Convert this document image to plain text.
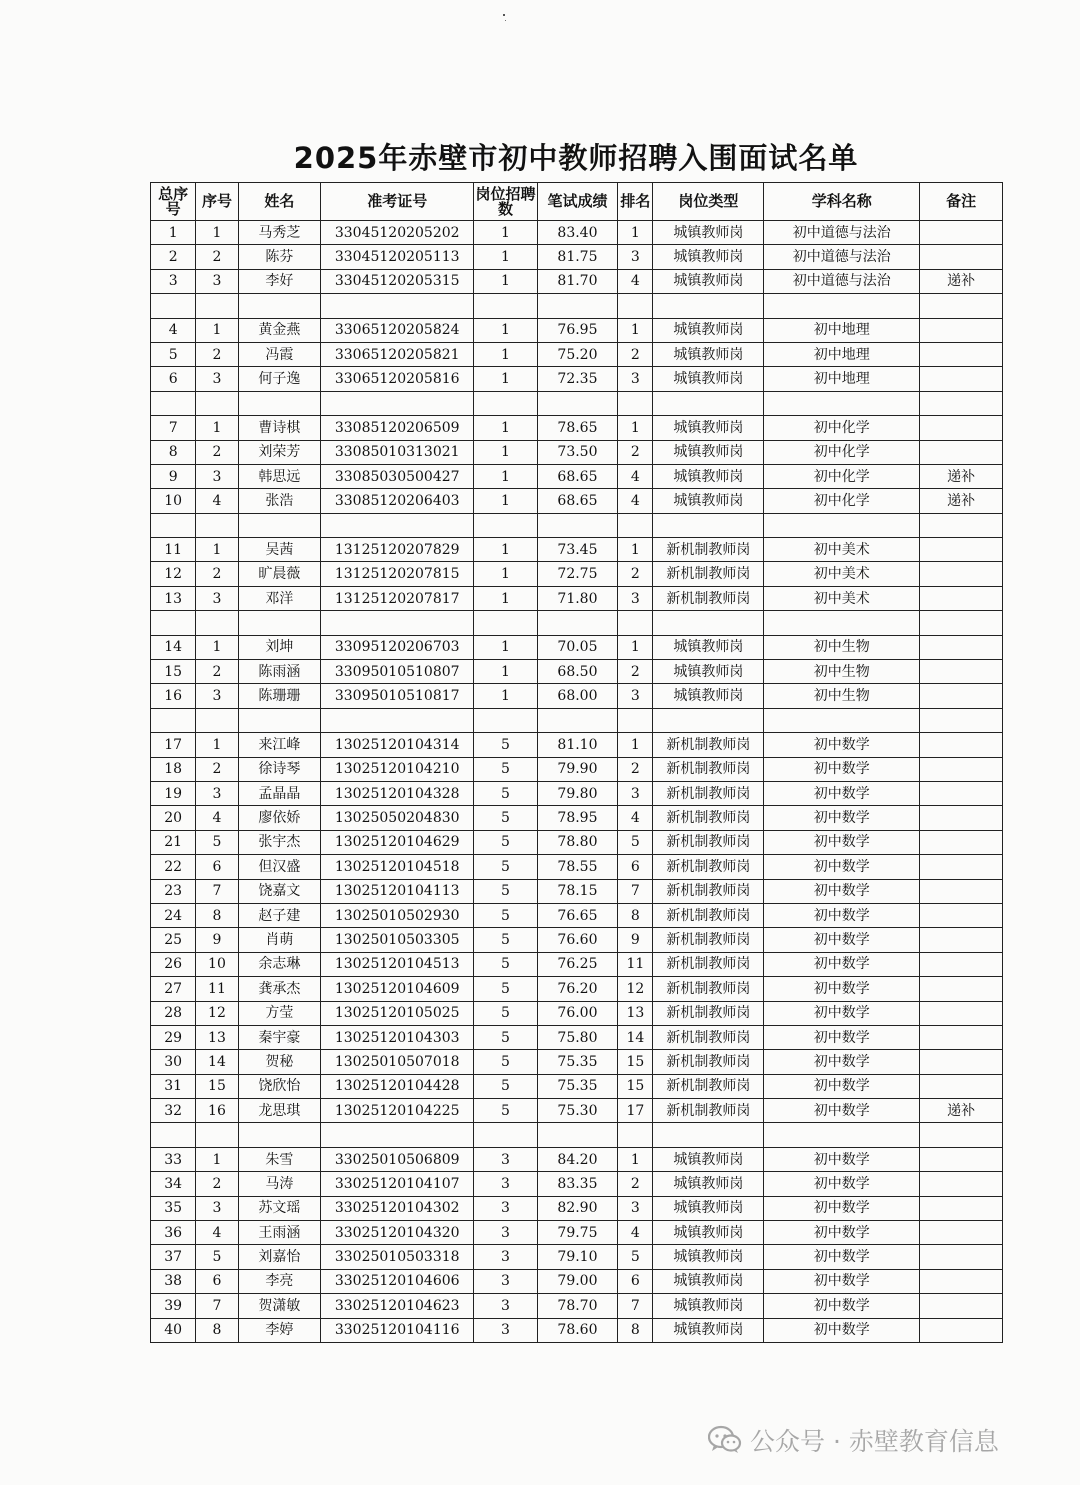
2025年赤壁市初中教师招聘入围面试名单
总序号	序号	姓名	准考证号	岗位招聘数	笔试成绩	排名	岗位类型	学科名称	备注
1	1	马秀芝	33045120205202	1	83.40	1	城镇教师岗	初中道德与法治	
2	2	陈芬	33045120205113	1	81.75	3	城镇教师岗	初中道德与法治	
3	3	李好	33045120205315	1	81.70	4	城镇教师岗	初中道德与法治	递补

4	1	黄金燕	33065120205824	1	76.95	1	城镇教师岗	初中地理	
5	2	冯霞	33065120205821	1	75.20	2	城镇教师岗	初中地理	
6	3	何子逸	33065120205816	1	72.35	3	城镇教师岗	初中地理	

7	1	曹诗棋	33085120206509	1	78.65	1	城镇教师岗	初中化学	
8	2	刘荣芳	33085010313021	1	73.50	2	城镇教师岗	初中化学	
9	3	韩思远	33085030500427	1	68.65	4	城镇教师岗	初中化学	递补
10	4	张浩	33085120206403	1	68.65	4	城镇教师岗	初中化学	递补

11	1	吴茜	13125120207829	1	73.45	1	新机制教师岗	初中美术	
12	2	旷晨薇	13125120207815	1	72.75	2	新机制教师岗	初中美术	
13	3	邓洋	13125120207817	1	71.80	3	新机制教师岗	初中美术	

14	1	刘坤	33095120206703	1	70.05	1	城镇教师岗	初中生物	
15	2	陈雨涵	33095010510807	1	68.50	2	城镇教师岗	初中生物	
16	3	陈珊珊	33095010510817	1	68.00	3	城镇教师岗	初中生物	

17	1	来江峰	13025120104314	5	81.10	1	新机制教师岗	初中数学	
18	2	徐诗琴	13025120104210	5	79.90	2	新机制教师岗	初中数学	
19	3	孟晶晶	13025120104328	5	79.80	3	新机制教师岗	初中数学	
20	4	廖依娇	13025050204830	5	78.95	4	新机制教师岗	初中数学	
21	5	张宇杰	13025120104629	5	78.80	5	新机制教师岗	初中数学	
22	6	但汉盛	13025120104518	5	78.55	6	新机制教师岗	初中数学	
23	7	饶嘉文	13025120104113	5	78.15	7	新机制教师岗	初中数学	
24	8	赵子建	13025010502930	5	76.65	8	新机制教师岗	初中数学	
25	9	肖萌	13025010503305	5	76.60	9	新机制教师岗	初中数学	
26	10	余志琳	13025120104513	5	76.25	11	新机制教师岗	初中数学	
27	11	龚承杰	13025120104609	5	76.20	12	新机制教师岗	初中数学	
28	12	方莹	13025120105025	5	76.00	13	新机制教师岗	初中数学	
29	13	秦宇豪	13025120104303	5	75.80	14	新机制教师岗	初中数学	
30	14	贺秘	13025010507018	5	75.35	15	新机制教师岗	初中数学	
31	15	饶欣怡	13025120104428	5	75.35	15	新机制教师岗	初中数学	
32	16	龙思琪	13025120104225	5	75.30	17	新机制教师岗	初中数学	递补

33	1	朱雪	33025010506809	3	84.20	1	城镇教师岗	初中数学	
34	2	马涛	33025120104107	3	83.35	2	城镇教师岗	初中数学	
35	3	苏文瑶	33025120104302	3	82.90	3	城镇教师岗	初中数学	
36	4	王雨涵	33025120104320	3	79.75	4	城镇教师岗	初中数学	
37	5	刘嘉怡	33025010503318	3	79.10	5	城镇教师岗	初中数学	
38	6	李亮	33025120104606	3	79.00	6	城镇教师岗	初中数学	
39	7	贺潇敏	33025120104623	3	78.70	7	城镇教师岗	初中数学	
40	8	李婷	33025120104116	3	78.60	8	城镇教师岗	初中数学	
公众号 · 赤壁教育信息
